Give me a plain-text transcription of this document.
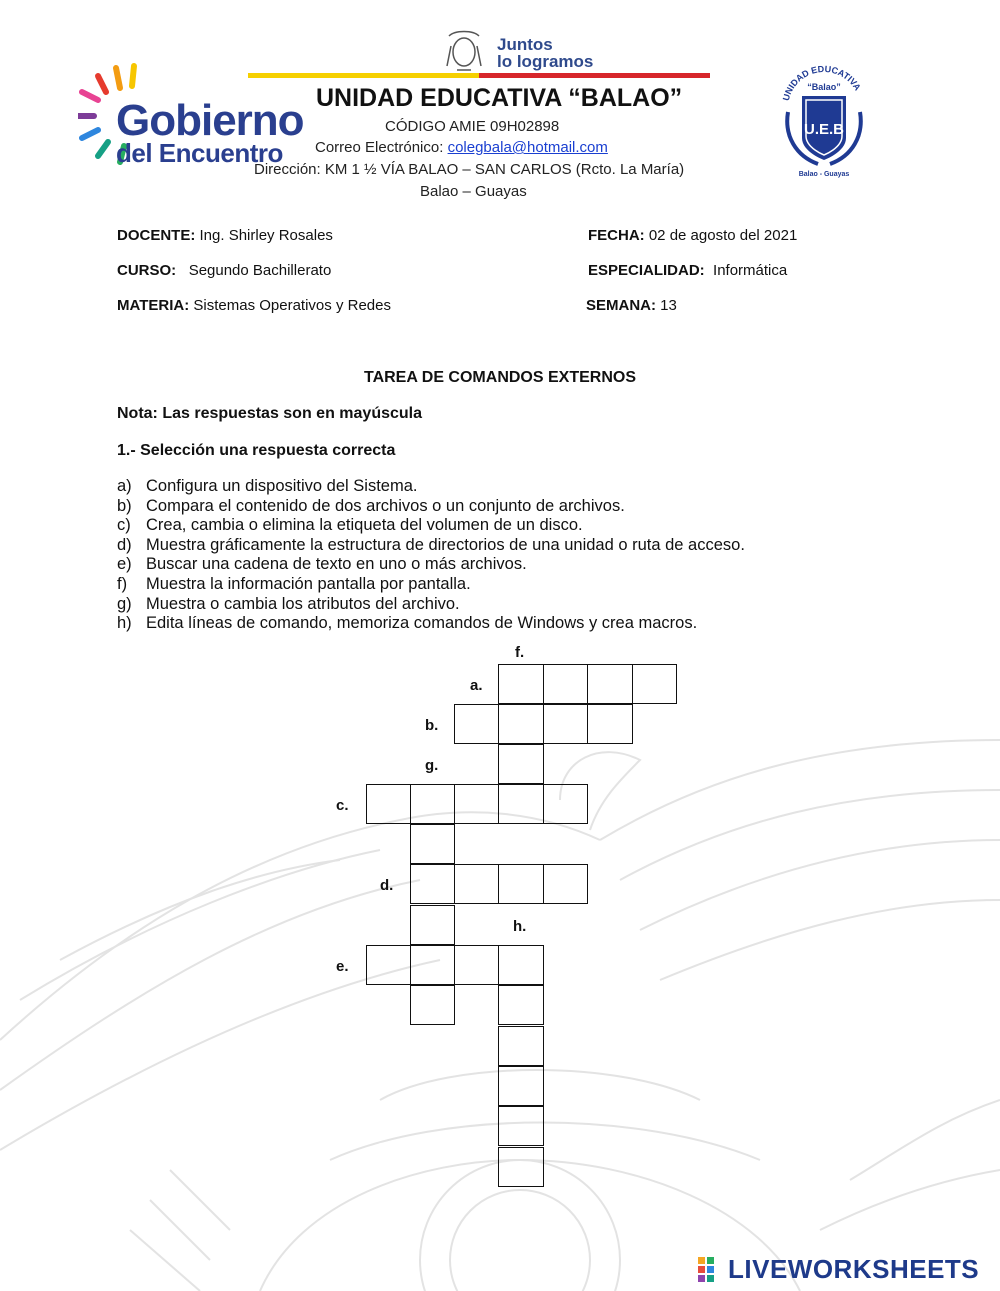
Gobierno
del Encuentro
Juntos
lo logramos
UNIDAD EDUCATIVA “BALAO”
CÓDIGO AMIE 09H02898
Correo Electrónico: colegbala@hotmail.com
Dirección: KM 1 ½ VÍA BALAO – SAN CARLOS (Rcto. La María)
Balao – Guayas
UNIDAD EDUCATIVA
“Balao”
U.E.B
Balao - Guayas
DOCENTE: Ing. Shirley Rosales	FECHA: 02 de agosto del 2021
CURSO: Segundo Bachillerato	ESPECIALIDAD: Informática
MATERIA: Sistemas Operativos y Redes	SEMANA: 13
TAREA DE COMANDOS EXTERNOS
Nota: Las respuestas son en mayúscula
1.- Selección una respuesta correcta
a) Configura un dispositivo del Sistema.
b) Compara el contenido de dos archivos o un conjunto de archivos.
c) Crea, cambia o elimina la etiqueta del volumen de un disco.
d) Muestra gráficamente la estructura de directorios de una unidad o ruta de acceso.
e) Buscar una cadena de texto en uno o más archivos.
f)	Muestra la información pantalla por pantalla.
g) Muestra o cambia los atributos del archivo.
h) Edita líneas de comando, memoriza comandos de Windows y crea macros.
f.
a.
b.
g.
c.
d.
h.
e.
LIVEWORKSHEETS
